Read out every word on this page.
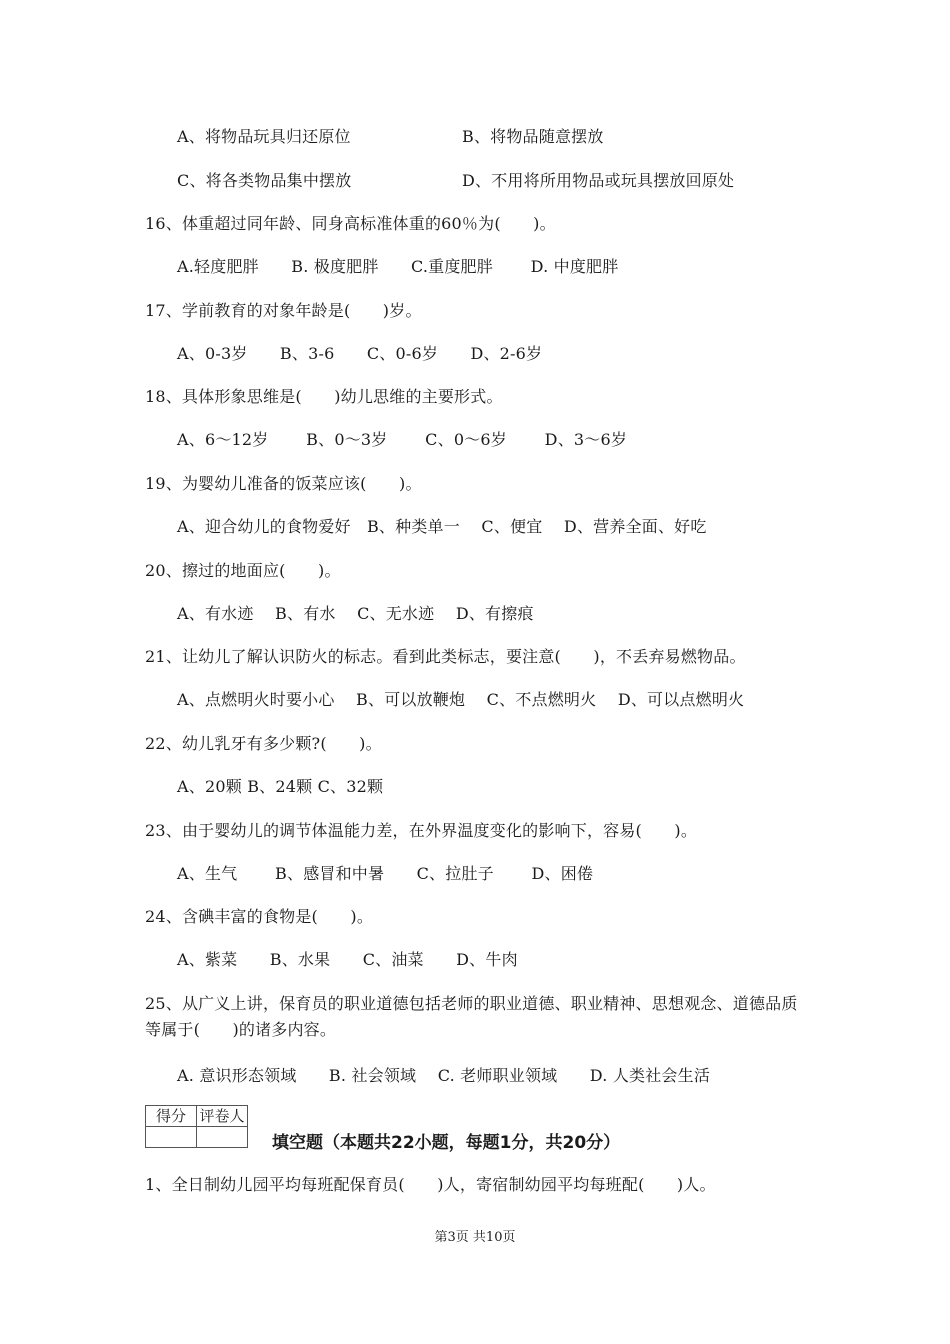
A、将物品玩具归还原位	B、将物品随意摆放
C、将各类物品集中摆放	D、不用将所用物品或玩具摆放回原处
16、体重超过同年龄、同身高标准体重的60％为(　　)。
A.轻度肥胖　　B. 极度肥胖　　C.重度肥胖　　 D. 中度肥胖
17、学前教育的对象年龄是(　　)岁。
A、0-3岁　　B、3-6　　C、0-6岁　　D、2-6岁
18、具体形象思维是(　　)幼儿思维的主要形式。
A、6～12岁　　 B、0～3岁　　 C、0～6岁　　 D、3～6岁
19、为婴幼儿准备的饭菜应该(　　)。
A、迎合幼儿的食物爱好　B、种类单一　 C、便宜　 D、营养全面、好吃
20、擦过的地面应(　　)。
A、有水迹　 B、有水　 C、无水迹　 D、有擦痕
21、让幼儿了解认识防火的标志。看到此类标志，要注意(　　)，不丢弃易燃物品。
A、点燃明火时要小心　 B、可以放鞭炮　 C、不点燃明火　 D、可以点燃明火
22、幼儿乳牙有多少颗?(　　)。
A、20颗 B、24颗 C、32颗
23、由于婴幼儿的调节体温能力差，在外界温度变化的影响下，容易(　　)。
A、生气　　 B、感冒和中暑　　C、拉肚子　　 D、困倦
24、含碘丰富的食物是(　　)。
A、紫菜　　B、水果　　C、油菜　　D、牛肉
25、从广义上讲，保育员的职业道德包括老师的职业道德、职业精神、思想观念、道德品质等属于(　　)的诸多内容。
A. 意识形态领域　　B. 社会领域　 C. 老师职业领域　　D. 人类社会生活
得分	评卷人

填空题（本题共22小题，每题1分，共20分）
1、全日制幼儿园平均每班配保育员(　　)人，寄宿制幼园平均每班配(　　)人。
第3页 共10页
